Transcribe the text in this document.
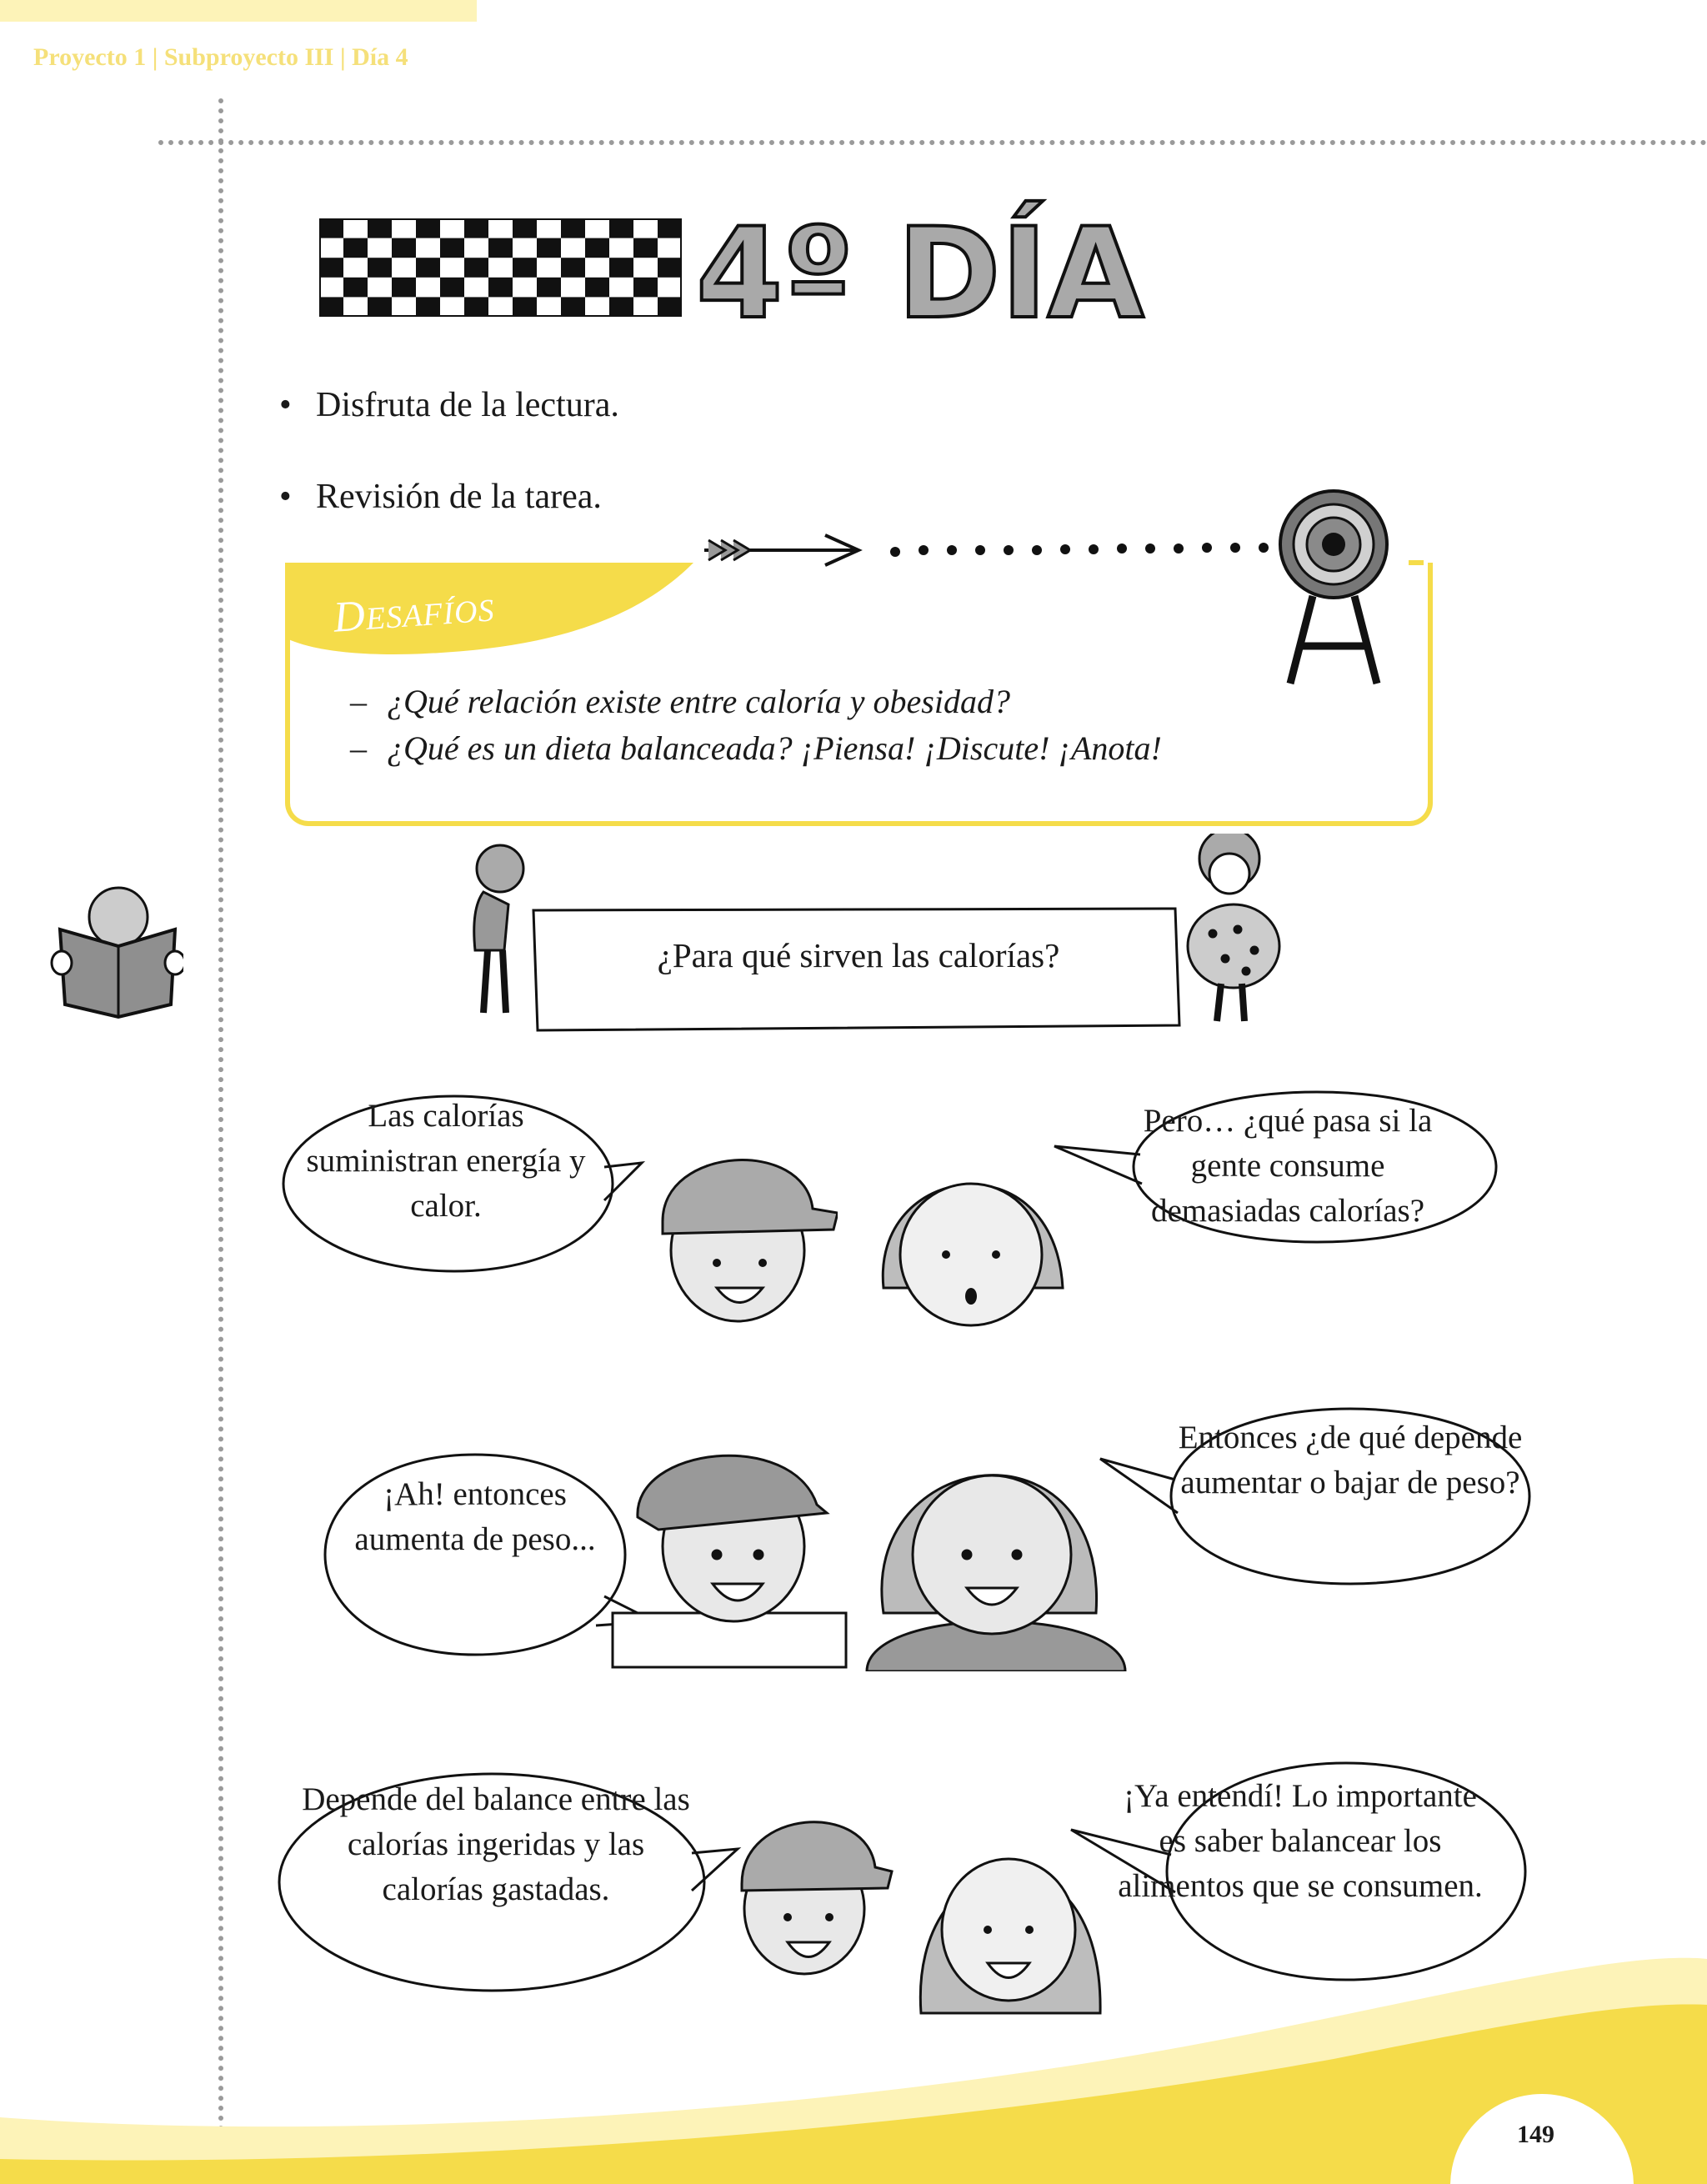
Proyecto 1 | Subproyecto III | Día 4
4º DÍA
• Disfruta de la lectura.
• Revisión de la tarea.
DESAFÍOS
– ¿Qué relación existe entre caloría y obesidad?
– ¿Qué es un dieta balanceada? ¡Piensa! ¡Discute! ¡Anota!
¿Para qué sirven las calorías?
Las calorías suministran energía y calor.
Pero… ¿qué pasa si la gente consume demasiadas calorías?
¡Ah! entonces aumenta de peso...
Entonces ¿de qué depende aumentar o bajar de peso?
Depende del balance entre las calorías ingeridas y las calorías gastadas.
¡Ya entendí! Lo importante es saber balancear los alimentos que se consumen.
149
